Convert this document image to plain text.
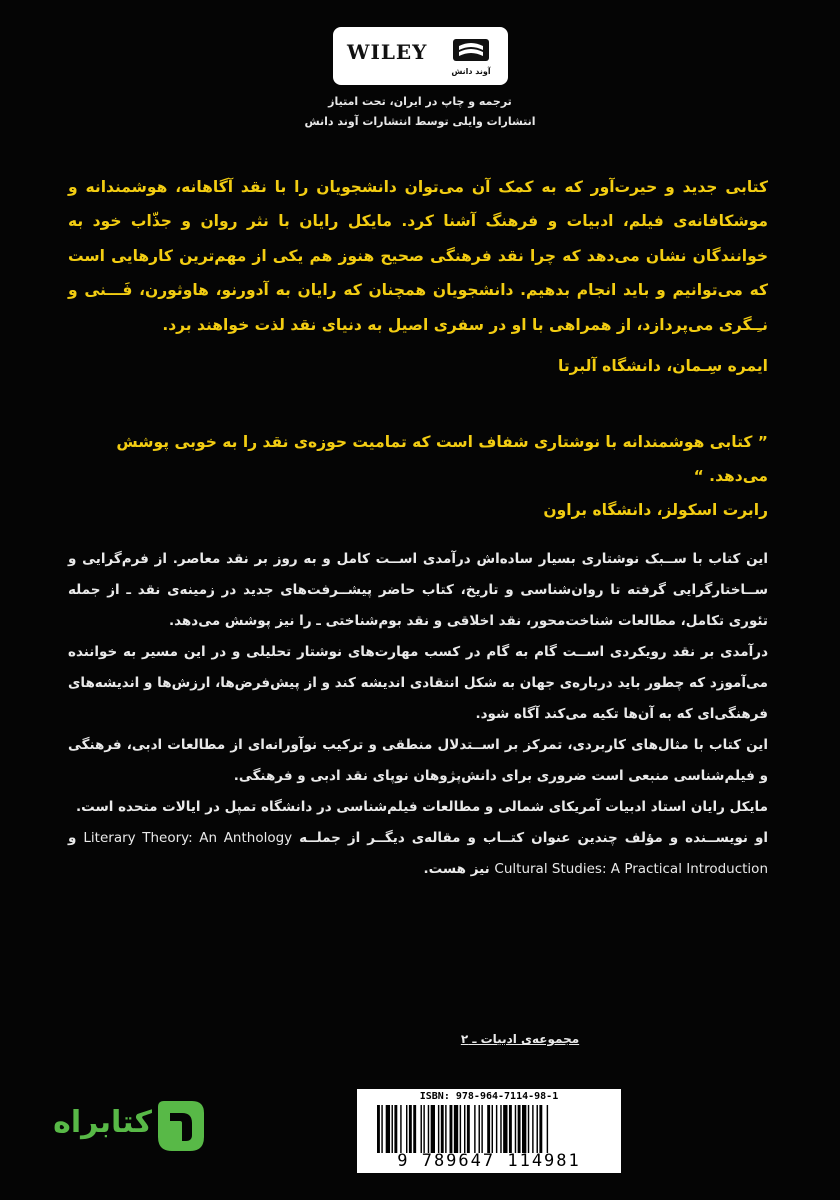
WILEY
آوند دانش
ترجمه و چاپ در ایران، تحت امتیاز
انتشارات وایلی توسط انتشارات آوند دانش

کتابی جدید و حیرت‌آور که به کمک آن می‌توان دانشجویان را با نقد آگاهانه، هوشمندانه و موشکافانه‌ی فیلم، ادبیات و فرهنگ آشنا کرد. مایکل رایان با نثر روان و جذّاب خود به خوانندگان نشان می‌دهد که چرا نقد فرهنگی صحیح هنوز هم یکی از مهم‌ترین کارهایی است که می‌توانیم و باید انجام بدهیم. دانشجویان همچنان که رایان به آدورنو، هاوثورن، فَـــنی و نـِـگری می‌پردازد، از همراهی با او در سفری اصیل به دنیای نقد لذت خواهند برد.

ایمره سِـمان، دانشگاه آلبرتا
” کتابی هوشمندانه با نوشتاری شفاف است که تمامیت حوزه‌ی نقد را به خوبی پوشش می‌دهد. “
رابرت اسکولز، دانشگاه براون

این کتاب با ســبک نوشتاری بسیار ساده‌اش درآمدی اســت کامل و به روز بر نقد معاصر. از فرم‌گرایی و ســاختارگرایی گرفته تا روان‌شناسی و تاریخ، کتاب حاضر پیشــرفت‌های جدید در زمینه‌ی نقد ـ از جمله تئوری تکامل، مطالعات شناخت‌محور، نقد اخلاقی و نقد بوم‌شناختی ـ را نیز پوشش می‌دهد.

درآمدی بر نقد رویکردی اســت گام به گام در کسب مهارت‌های نوشتار تحلیلی و در این مسیر به خواننده می‌آموزد که چطور باید درباره‌ی جهان به شکل انتقادی اندیشه کند و از پیش‌فرض‌ها، ارزش‌ها و اندیشه‌های فرهنگی‌ای که به آن‌ها تکیه می‌کند آگاه شود.

این کتاب با مثال‌های کاربردی، تمرکز بر اســتدلال منطقی و ترکیب نوآورانه‌ای از مطالعات ادبی، فرهنگی و فیلم‌شناسی منبعی است ضروری برای دانش‌پژوهان نوپای نقد ادبی و فرهنگی.

مایکل رایان استاد ادبیات آمریکای شمالی و مطالعات فیلم‌شناسی در دانشگاه تمپل در ایالات متحده است.

او نویســنده و مؤلف چندین عنوان کتــاب و مقاله‌ی دیگــر از جملــه Literary Theory: An Anthology و Cultural Studies: A Practical Introduction نیز هست.

مجموعه‌ی ادبیات ـ ۲
ISBN: 978-964-7114-98-1
9 789647 114981
کتابراه
